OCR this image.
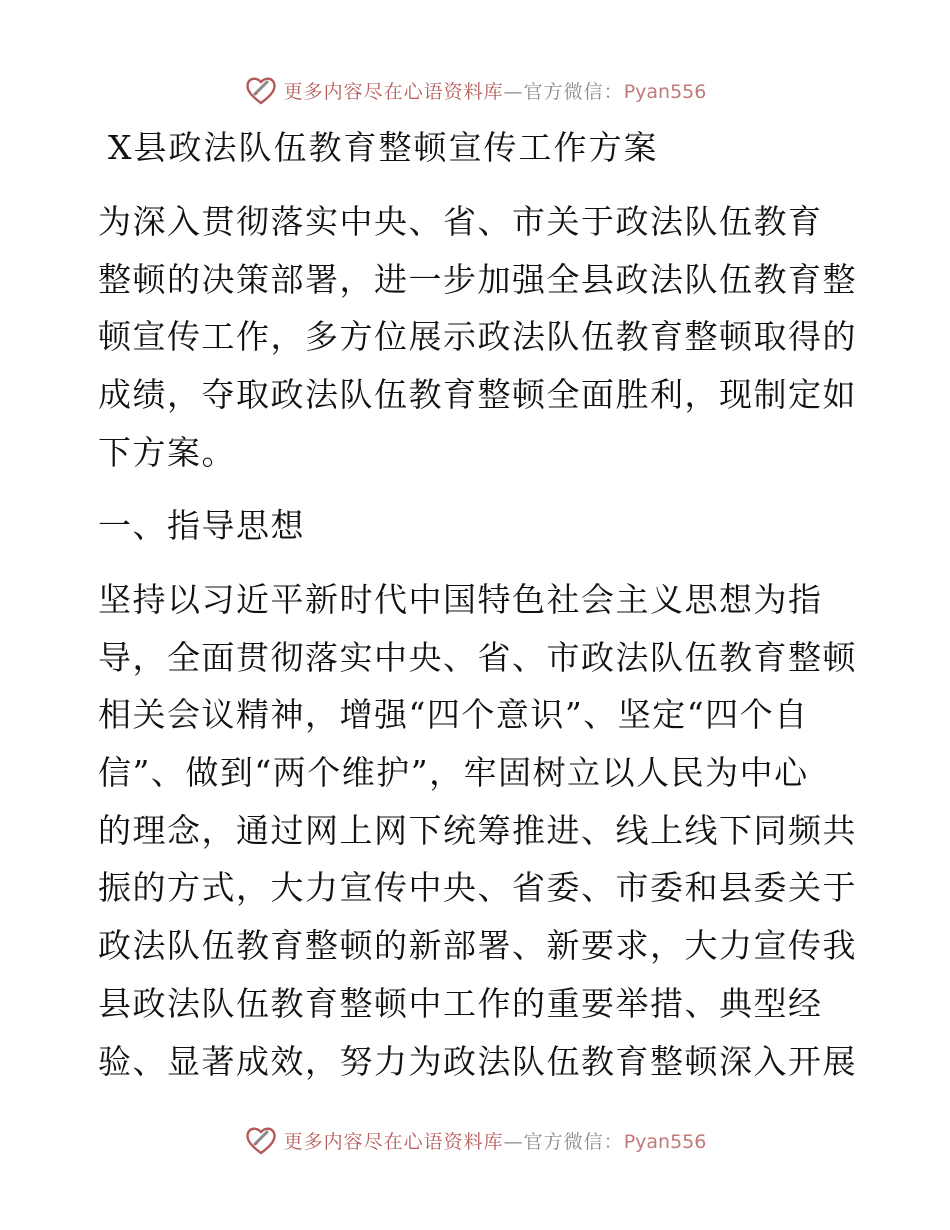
更多内容尽在心语资料库—官方微信：Pyan556
X县政法队伍教育整顿宣传工作方案
为深入贯彻落实中央、省、市关于政法队伍教育
整顿的决策部署，进一步加强全县政法队伍教育整
顿宣传工作，多方位展示政法队伍教育整顿取得的
成绩，夺取政法队伍教育整顿全面胜利，现制定如
下方案。
一、指导思想
坚持以习近平新时代中国特色社会主义思想为指
导，全面贯彻落实中央、省、市政法队伍教育整顿
相关会议精神，增强“四个意识”、坚定“四个自
信”、做到“两个维护”，牢固树立以人民为中心
的理念，通过网上网下统筹推进、线上线下同频共
振的方式，大力宣传中央、省委、市委和县委关于
政法队伍教育整顿的新部署、新要求，大力宣传我
县政法队伍教育整顿中工作的重要举措、典型经
验、显著成效，努力为政法队伍教育整顿深入开展
更多内容尽在心语资料库—官方微信：Pyan556
